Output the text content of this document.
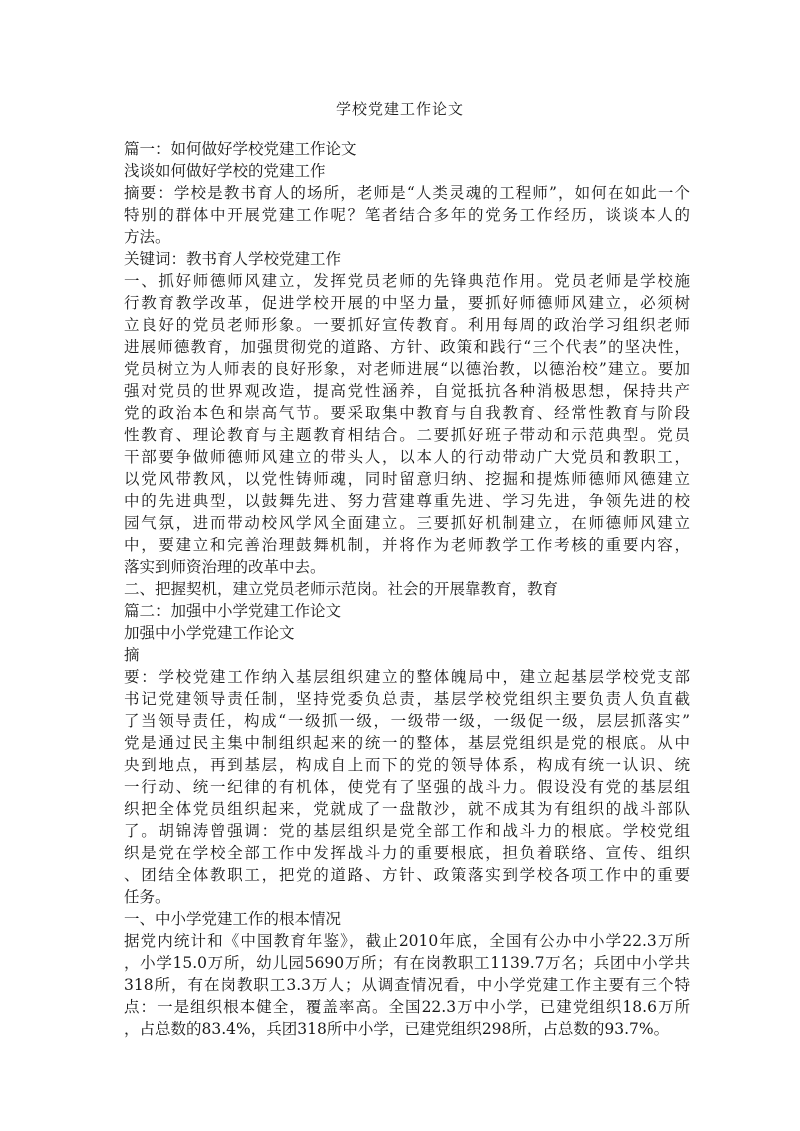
学校党建工作论文
篇一：如何做好学校党建工作论文
浅谈如何做好学校的党建工作
摘要：学校是教书育人的场所，老师是“人类灵魂的工程师”，如何在如此一个
特别的群体中开展党建工作呢？笔者结合多年的党务工作经历，谈谈本人的
方法。
关键词：教书育人学校党建工作
一、抓好师德师风建立，发挥党员老师的先锋典范作用。党员老师是学校施
行教育教学改革，促进学校开展的中坚力量，要抓好师德师风建立，必须树
立良好的党员老师形象。一要抓好宣传教育。利用每周的政治学习组织老师
进展师德教育，加强贯彻党的道路、方针、政策和践行“三个代表”的坚决性，
党员树立为人师表的良好形象，对老师进展“以德治教，以德治校”建立。要加
强对党员的世界观改造，提高党性涵养，自觉抵抗各种消极思想，保持共产
党的政治本色和崇高气节。要采取集中教育与自我教育、经常性教育与阶段
性教育、理论教育与主题教育相结合。二要抓好班子带动和示范典型。党员
干部要争做师德师风建立的带头人，以本人的行动带动广大党员和教职工，
以党风带教风，以党性铸师魂，同时留意归纳、挖掘和提炼师德师风德建立
中的先进典型，以鼓舞先进、努力营建尊重先进、学习先进，争领先进的校
园气氛，进而带动校风学风全面建立。三要抓好机制建立，在师德师风建立
中，要建立和完善治理鼓舞机制，并将作为老师教学工作考核的重要内容，
落实到师资治理的改革中去。
二、把握契机，建立党员老师示范岗。社会的开展靠教育，教育
篇二：加强中小学党建工作论文
加强中小学党建工作论文
摘
要：学校党建工作纳入基层组织建立的整体魄局中，建立起基层学校党支部
书记党建领导责任制，坚持党委负总责，基层学校党组织主要负责人负直截
了当领导责任，构成“一级抓一级，一级带一级，一级促一级，层层抓落实”
党是通过民主集中制组织起来的统一的整体，基层党组织是党的根底。从中
央到地点，再到基层，构成自上而下的党的领导体系，构成有统一认识、统
一行动、统一纪律的有机体，使党有了坚强的战斗力。假设没有党的基层组
织把全体党员组织起来，党就成了一盘散沙，就不成其为有组织的战斗部队
了。胡锦涛曾强调：党的基层组织是党全部工作和战斗力的根底。学校党组
织是党在学校全部工作中发挥战斗力的重要根底，担负着联络、宣传、组织
、团结全体教职工，把党的道路、方针、政策落实到学校各项工作中的重要
任务。
一、中小学党建工作的根本情况
据党内统计和《中国教育年鉴》，截止2010年底，全国有公办中小学22.3万所
，小学15.0万所，幼儿园5690万所；有在岗教职工1139.7万名；兵团中小学共
318所，有在岗教职工3.3万人；从调查情况看，中小学党建工作主要有三个特
点：一是组织根本健全，覆盖率高。全国22.3万中小学，已建党组织18.6万所
，占总数的83.4%，兵团318所中小学，已建党组织298所，占总数的93.7%。
